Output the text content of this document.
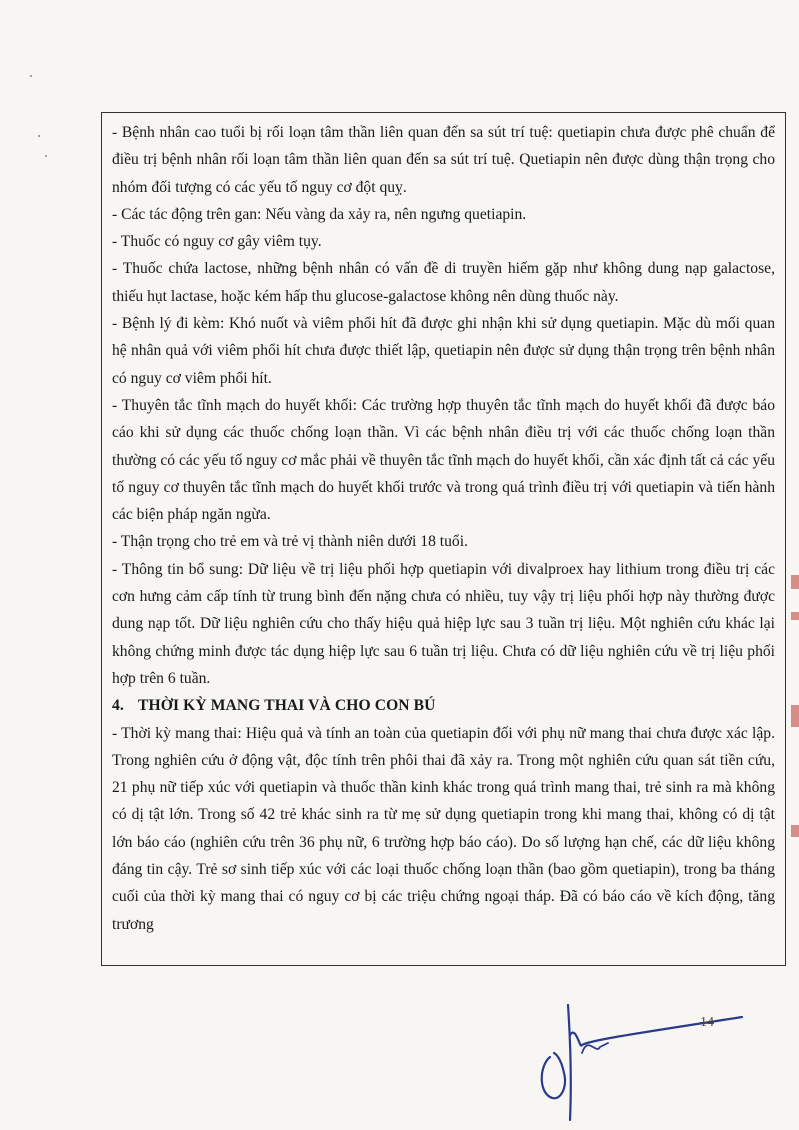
- Bệnh nhân cao tuổi bị rối loạn tâm thần liên quan đến sa sút trí tuệ: quetiapin chưa được phê chuẩn để điều trị bệnh nhân rối loạn tâm thần liên quan đến sa sút trí tuệ. Quetiapin nên được dùng thận trọng cho nhóm đối tượng có các yếu tố nguy cơ đột quỵ.

- Các tác động trên gan: Nếu vàng da xảy ra, nên ngưng quetiapin.

- Thuốc có nguy cơ gây viêm tụy.

- Thuốc chứa lactose, những bệnh nhân có vấn đề di truyền hiếm gặp như không dung nạp galactose, thiếu hụt lactase, hoặc kém hấp thu glucose-galactose không nên dùng thuốc này.

- Bệnh lý đi kèm: Khó nuốt và viêm phổi hít đã được ghi nhận khi sử dụng quetiapin. Mặc dù mối quan hệ nhân quả với viêm phổi hít chưa được thiết lập, quetiapin nên được sử dụng thận trọng trên bệnh nhân có nguy cơ viêm phổi hít.

- Thuyên tắc tĩnh mạch do huyết khối: Các trường hợp thuyên tắc tĩnh mạch do huyết khối đã được báo cáo khi sử dụng các thuốc chống loạn thần. Vì các bệnh nhân điều trị với các thuốc chống loạn thần thường có các yếu tố nguy cơ mắc phải về thuyên tắc tĩnh mạch do huyết khối, cần xác định tất cả các yếu tố nguy cơ thuyên tắc tĩnh mạch do huyết khối trước và trong quá trình điều trị với quetiapin và tiến hành các biện pháp ngăn ngừa.

- Thận trọng cho trẻ em và trẻ vị thành niên dưới 18 tuổi.

- Thông tin bổ sung: Dữ liệu về trị liệu phối hợp quetiapin với divalproex hay lithium trong điều trị các cơn hưng cảm cấp tính từ trung bình đến nặng chưa có nhiều, tuy vậy trị liệu phối hợp này thường được dung nạp tốt. Dữ liệu nghiên cứu cho thấy hiệu quả hiệp lực sau 3 tuần trị liệu. Một nghiên cứu khác lại không chứng minh được tác dụng hiệp lực sau 6 tuần trị liệu. Chưa có dữ liệu nghiên cứu về trị liệu phối hợp trên 6 tuần.

4. THỜI KỲ MANG THAI VÀ CHO CON BÚ

- Thời kỳ mang thai: Hiệu quả và tính an toàn của quetiapin đối với phụ nữ mang thai chưa được xác lập. Trong nghiên cứu ở động vật, độc tính trên phôi thai đã xảy ra. Trong một nghiên cứu quan sát tiền cứu, 21 phụ nữ tiếp xúc với quetiapin và thuốc thần kinh khác trong quá trình mang thai, trẻ sinh ra mà không có dị tật lớn. Trong số 42 trẻ khác sinh ra từ mẹ sử dụng quetiapin trong khi mang thai, không có dị tật lớn báo cáo (nghiên cứu trên 36 phụ nữ, 6 trường hợp báo cáo). Do số lượng hạn chế, các dữ liệu không đáng tin cậy. Trẻ sơ sinh tiếp xúc với các loại thuốc chống loạn thần (bao gồm quetiapin), trong ba tháng cuối của thời kỳ mang thai có nguy cơ bị các triệu chứng ngoại tháp. Đã có báo cáo về kích động, tăng trương

14
